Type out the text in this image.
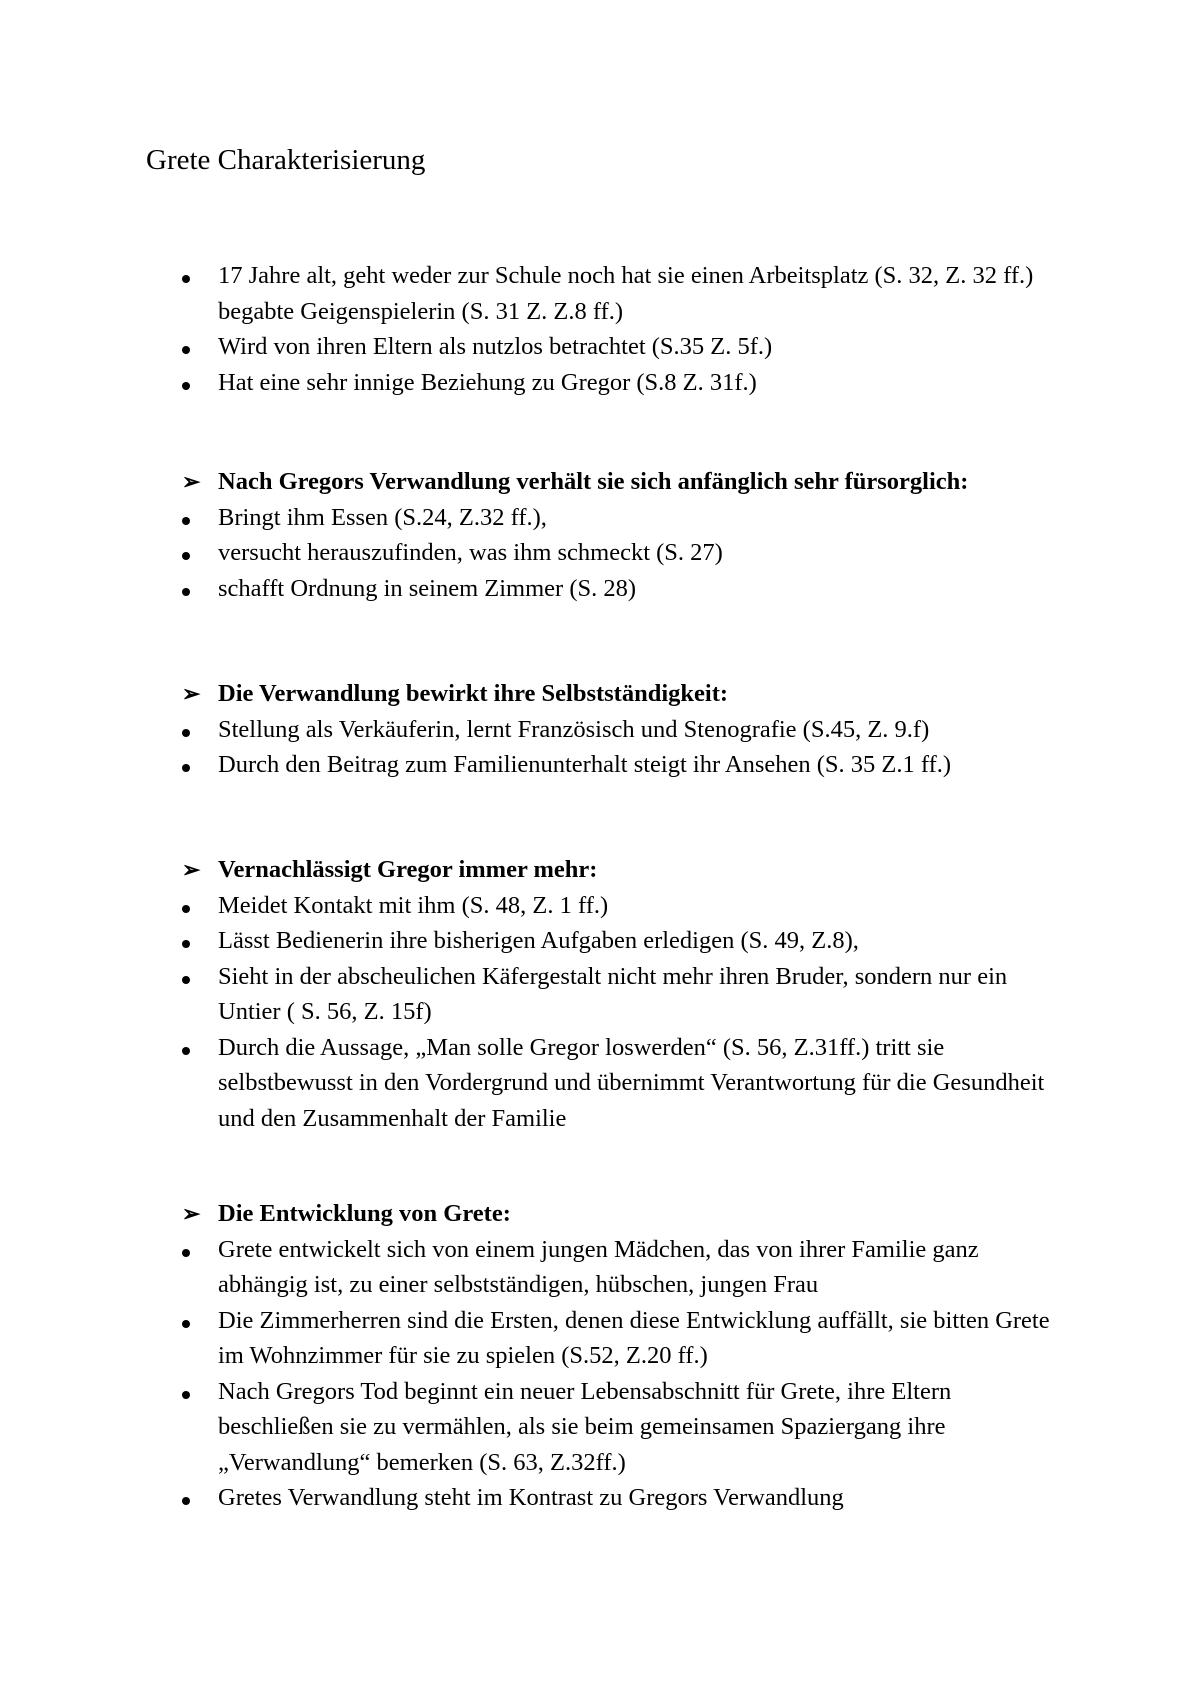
Grete Charakterisierung
17 Jahre alt, geht weder zur Schule noch hat sie einen Arbeitsplatz (S. 32, Z. 32 ff.) begabte Geigenspielerin (S. 31 Z. Z.8 ff.)
Wird von ihren Eltern als nutzlos betrachtet (S.35 Z. 5f.)
Hat eine sehr innige Beziehung zu Gregor (S.8 Z. 31f.)
➢ Nach Gregors Verwandlung verhält sie sich anfänglich sehr fürsorglich:
Bringt ihm Essen (S.24, Z.32 ff.),
versucht herauszufinden, was ihm schmeckt (S. 27)
schafft Ordnung in seinem Zimmer (S. 28)
➢ Die Verwandlung bewirkt ihre Selbstständigkeit:
Stellung als Verkäuferin, lernt Französisch und Stenografie (S.45, Z. 9.f)
Durch den Beitrag zum Familienunterhalt steigt ihr Ansehen (S. 35 Z.1 ff.)
➢ Vernachlässigt Gregor immer mehr:
Meidet Kontakt mit ihm (S. 48, Z. 1 ff.)
Lässt Bedienerin ihre bisherigen Aufgaben erledigen (S. 49, Z.8),
Sieht in der abscheulichen Käfergestalt nicht mehr ihren Bruder, sondern nur ein Untier ( S. 56, Z. 15f)
Durch die Aussage, „Man solle Gregor loswerden“ (S. 56, Z.31ff.) tritt sie selbstbewusst in den Vordergrund und übernimmt Verantwortung für die Gesundheit und den Zusammenhalt der Familie
➢ Die Entwicklung von Grete:
Grete entwickelt sich von einem jungen Mädchen, das von ihrer Familie ganz abhängig ist, zu einer selbstständigen, hübschen, jungen Frau
Die Zimmerherren sind die Ersten, denen diese Entwicklung auffällt, sie bitten Grete im Wohnzimmer für sie zu spielen (S.52, Z.20 ff.)
Nach Gregors Tod beginnt ein neuer Lebensabschnitt für Grete, ihre Eltern beschließen sie zu vermählen, als sie beim gemeinsamen Spaziergang ihre „Verwandlung“ bemerken (S. 63, Z.32ff.)
Gretes Verwandlung steht im Kontrast zu Gregors Verwandlung
